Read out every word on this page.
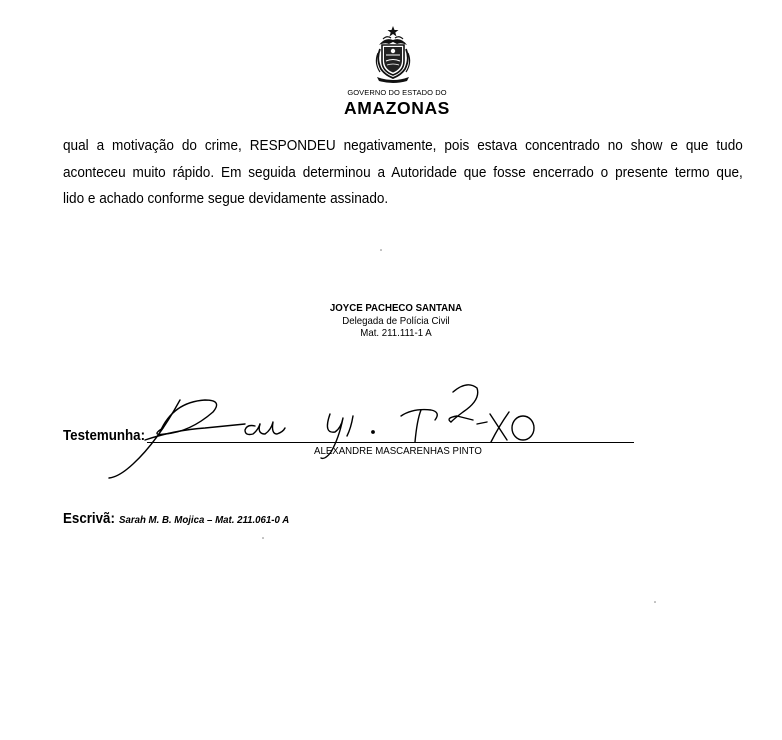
GOVERNO DO ESTADO DO
AMAZONAS
qual a motivação do crime, RESPONDEU negativamente, pois estava concentrado no show e que tudo
aconteceu muito rápido. Em seguida determinou a Autoridade que fosse encerrado o presente termo que,
lido e achado conforme segue devidamente assinado.
JOYCE PACHECO SANTANA
Delegada de Polícia Civil
Mat. 211.111-1 A
Testemunha:
ALEXANDRE MASCARENHAS PINTO
Escrivã: Sarah M. B. Mojica – Mat. 211.061-0 A
